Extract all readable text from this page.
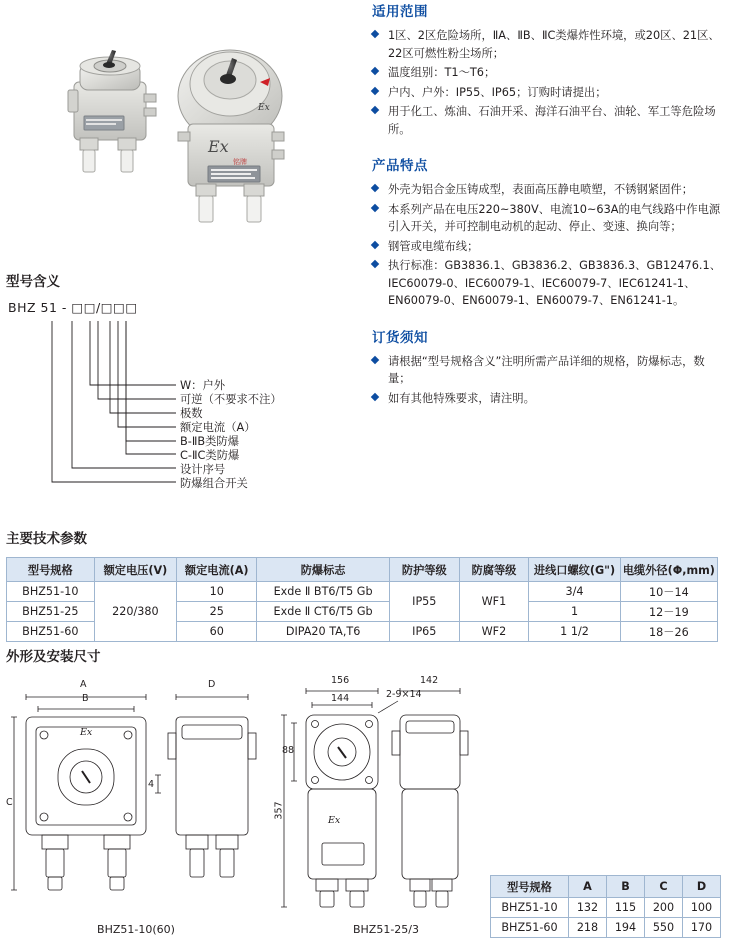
Ex
Ex
铭牌
适用范围
1区、2区危险场所，ⅡA、ⅡB、ⅡC类爆炸性环境，或20区、21区、22区可燃性粉尘场所；
温度组别：T1～T6；
户内、户外：IP55、IP65；订购时请提出；
用于化工、炼油、石油开采、海洋石油平台、油轮、军工等危险场所。
产品特点
外壳为铝合金压铸成型，表面高压静电喷塑，不锈钢紧固件；
本系列产品在电压220~380V、电流10~63A的电气线路中作电源引入开关，并可控制电动机的起动、停止、变速、换向等；
钢管或电缆布线；
执行标准：GB3836.1、GB3836.2、GB3836.3、GB12476.1、IEC60079-0、IEC60079-1、IEC60079-7、IEC61241-1、EN60079-0、EN60079-1、EN60079-7、EN61241-1。
订货须知
请根据“型号规格含义”注明所需产品详细的规格，防爆标志，数量；
如有其他特殊要求，请注明。
型号含义
BHZ 51 - □□/□□□
W：户外
可逆（不要求不注）
极数
额定电流（A）
B-ⅡB类防爆
C-ⅡC类防爆
设计序号
防爆组合开关
主要技术参数
型号规格	额定电压(V)	额定电流(A)	防爆标志	防护等级	防腐等级	进线口螺纹(G")	电缆外径(Φ,mm)
BHZ51-10	220/380	10	Exde Ⅱ BT6/T5 Gb	IP55	WF1	3/4	10－14
BHZ51-25		25	Exde Ⅱ CT6/T5 Gb			1	12－19
BHZ51-60		60	DIPA20 TA,T6	IP65	WF2	1 1/2	18－26
外形及安装尺寸
A
B
C
D
4
Ex
156
144
142
88
357
2-9×14
Ex
BHZ51-10(60)	BHZ51-25/3
型号规格	A	B	C	D
BHZ51-10	132	115	200	100
BHZ51-60	218	194	550	170
